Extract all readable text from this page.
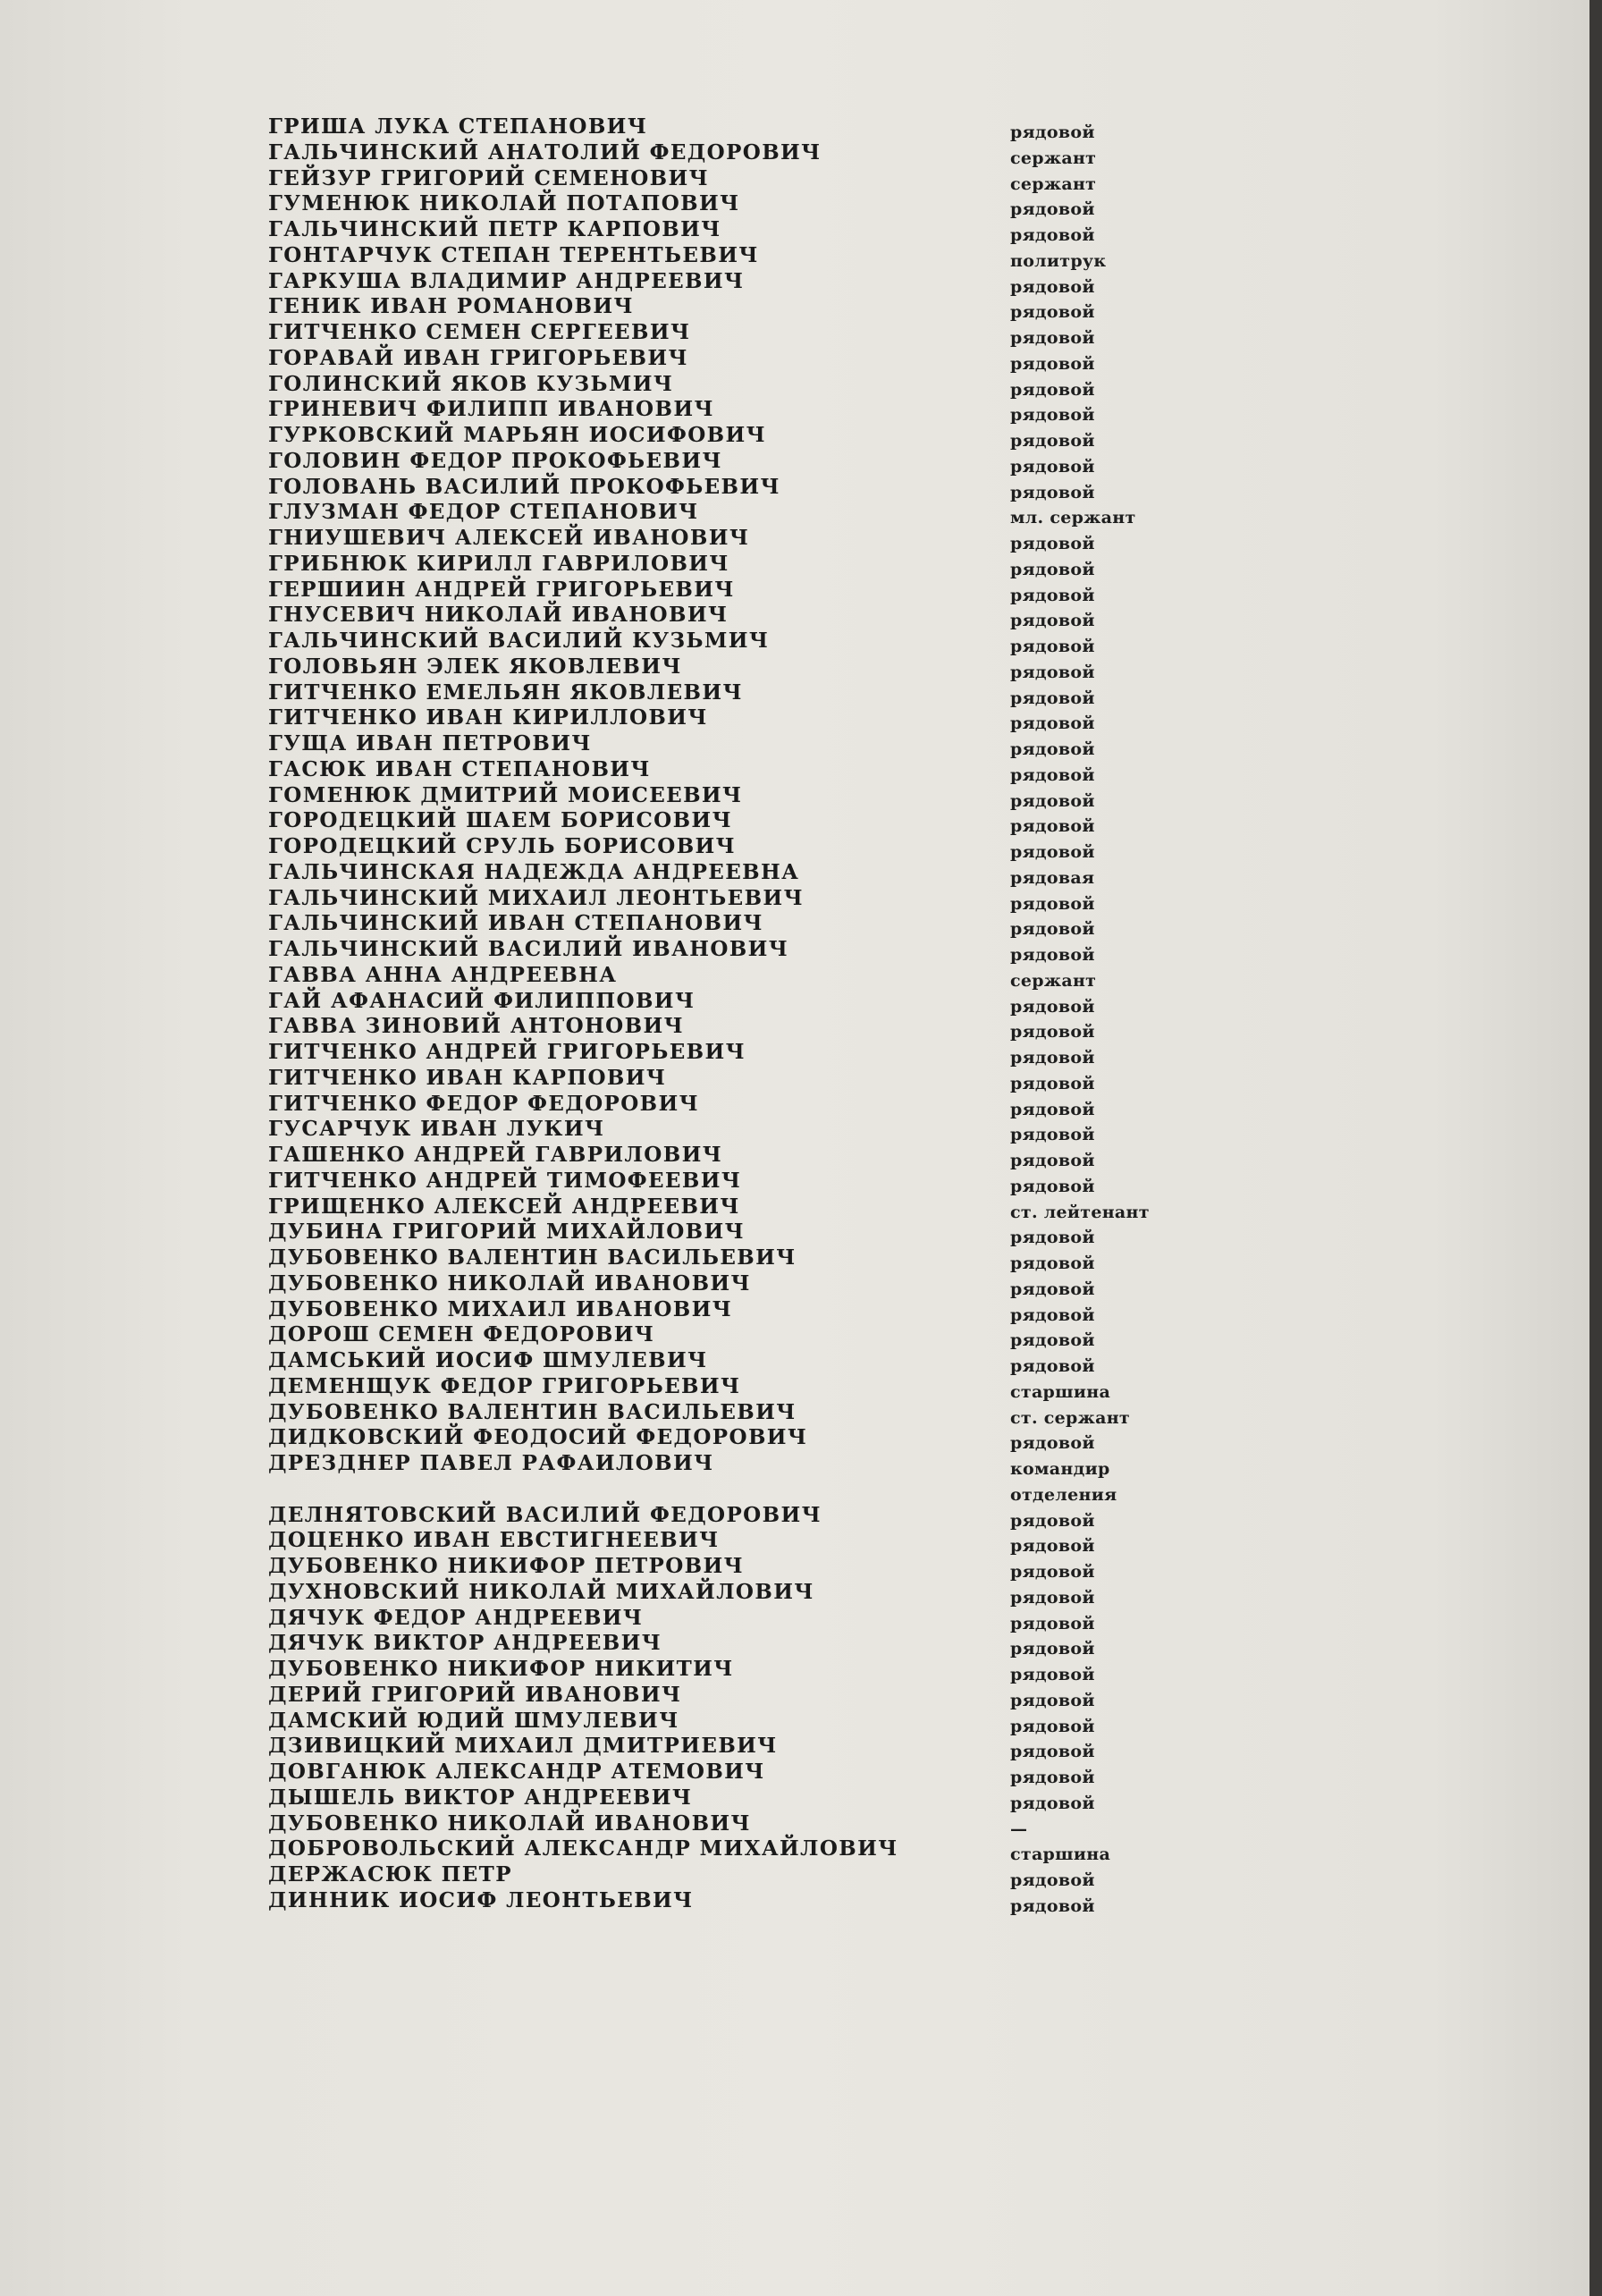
ГРИША ЛУКА СТЕПАНОВИЧ	рядовой
ГАЛЬЧИНСКИЙ АНАТОЛИЙ ФЕДОРОВИЧ	сержант
ГЕЙЗУР ГРИГОРИЙ СЕМЕНОВИЧ	сержант
ГУМЕНЮК НИКОЛАЙ ПОТАПОВИЧ	рядовой
ГАЛЬЧИНСКИЙ ПЕТР КАРПОВИЧ	рядовой
ГОНТАРЧУК СТЕПАН ТЕРЕНТЬЕВИЧ	политрук
ГАРКУША ВЛАДИМИР АНДРЕЕВИЧ	рядовой
ГЕНИК ИВАН РОМАНОВИЧ	рядовой
ГИТЧЕНКО СЕМЕН СЕРГЕЕВИЧ	рядовой
ГОРАВАЙ ИВАН ГРИГОРЬЕВИЧ	рядовой
ГОЛИНСКИЙ ЯКОВ КУЗЬМИЧ	рядовой
ГРИНЕВИЧ ФИЛИПП ИВАНОВИЧ	рядовой
ГУРКОВСКИЙ МАРЬЯН ИОСИФОВИЧ	рядовой
ГОЛОВИН ФЕДОР ПРОКОФЬЕВИЧ	рядовой
ГОЛОВАНЬ ВАСИЛИЙ ПРОКОФЬЕВИЧ	рядовой
ГЛУЗМАН ФЕДОР СТЕПАНОВИЧ	мл. сержант
ГНИУШЕВИЧ АЛЕКСЕЙ ИВАНОВИЧ	рядовой
ГРИБНЮК КИРИЛЛ ГАВРИЛОВИЧ	рядовой
ГЕРШИИН АНДРЕЙ ГРИГОРЬЕВИЧ	рядовой
ГНУСЕВИЧ НИКОЛАЙ ИВАНОВИЧ	рядовой
ГАЛЬЧИНСКИЙ ВАСИЛИЙ КУЗЬМИЧ	рядовой
ГОЛОВЬЯН ЭЛЕК ЯКОВЛЕВИЧ	рядовой
ГИТЧЕНКО ЕМЕЛЬЯН ЯКОВЛЕВИЧ	рядовой
ГИТЧЕНКО ИВАН КИРИЛЛОВИЧ	рядовой
ГУЩА ИВАН ПЕТРОВИЧ	рядовой
ГАСЮК ИВАН СТЕПАНОВИЧ	рядовой
ГОМЕНЮК ДМИТРИЙ МОИСЕЕВИЧ	рядовой
ГОРОДЕЦКИЙ ШАЕМ БОРИСОВИЧ	рядовой
ГОРОДЕЦКИЙ СРУЛЬ БОРИСОВИЧ	рядовой
ГАЛЬЧИНСКАЯ НАДЕЖДА АНДРЕЕВНА	рядовая
ГАЛЬЧИНСКИЙ МИХАИЛ ЛЕОНТЬЕВИЧ	рядовой
ГАЛЬЧИНСКИЙ ИВАН СТЕПАНОВИЧ	рядовой
ГАЛЬЧИНСКИЙ ВАСИЛИЙ ИВАНОВИЧ	рядовой
ГАВВА АННА АНДРЕЕВНА	сержант
ГАЙ АФАНАСИЙ ФИЛИППОВИЧ	рядовой
ГАВВА ЗИНОВИЙ АНТОНОВИЧ	рядовой
ГИТЧЕНКО АНДРЕЙ ГРИГОРЬЕВИЧ	рядовой
ГИТЧЕНКО ИВАН КАРПОВИЧ	рядовой
ГИТЧЕНКО ФЕДОР ФЕДОРОВИЧ	рядовой
ГУСАРЧУК ИВАН ЛУКИЧ	рядовой
ГАШЕНКО АНДРЕЙ ГАВРИЛОВИЧ	рядовой
ГИТЧЕНКО АНДРЕЙ ТИМОФЕЕВИЧ	рядовой
ГРИЩЕНКО АЛЕКСЕЙ АНДРЕЕВИЧ	ст. лейтенант
ДУБИНА ГРИГОРИЙ МИХАЙЛОВИЧ	рядовой
ДУБОВЕНКО ВАЛЕНТИН ВАСИЛЬЕВИЧ	рядовой
ДУБОВЕНКО НИКОЛАЙ ИВАНОВИЧ	рядовой
ДУБОВЕНКО МИХАИЛ ИВАНОВИЧ	рядовой
ДОРОШ СЕМЕН ФЕДОРОВИЧ	рядовой
ДАМСЬКИЙ ИОСИФ ШМУЛЕВИЧ	рядовой
ДЕМЕНЩУК ФЕДОР ГРИГОРЬЕВИЧ	старшина
ДУБОВЕНКО ВАЛЕНТИН ВАСИЛЬЕВИЧ	ст. сержант
ДИДКОВСКИЙ ФЕОДОСИЙ ФЕДОРОВИЧ	рядовой
ДРЕЗДНЕР ПАВЕЛ РАФАИЛОВИЧ	командир
отделения
ДЕЛНЯТОВСКИЙ ВАСИЛИЙ ФЕДОРОВИЧ	рядовой
ДОЦЕНКО ИВАН ЕВСТИГНЕЕВИЧ	рядовой
ДУБОВЕНКО НИКИФОР ПЕТРОВИЧ	рядовой
ДУХНОВСКИЙ НИКОЛАЙ МИХАЙЛОВИЧ	рядовой
ДЯЧУК ФЕДОР АНДРЕЕВИЧ	рядовой
ДЯЧУК ВИКТОР АНДРЕЕВИЧ	рядовой
ДУБОВЕНКО НИКИФОР НИКИТИЧ	рядовой
ДЕРИЙ ГРИГОРИЙ ИВАНОВИЧ	рядовой
ДАМСКИЙ ЮДИЙ ШМУЛЕВИЧ	рядовой
ДЗИВИЦКИЙ МИХАИЛ ДМИТРИЕВИЧ	рядовой
ДОВГАНЮК АЛЕКСАНДР АТЕМОВИЧ	рядовой
ДЫШЕЛЬ ВИКТОР АНДРЕЕВИЧ	рядовой
ДУБОВЕНКО НИКОЛАЙ ИВАНОВИЧ	—
ДОБРОВОЛЬСКИЙ АЛЕКСАНДР МИХАЙЛОВИЧ	старшина
ДЕРЖАСЮК ПЕТР	рядовой
ДИННИК ИОСИФ ЛЕОНТЬЕВИЧ	рядовой
